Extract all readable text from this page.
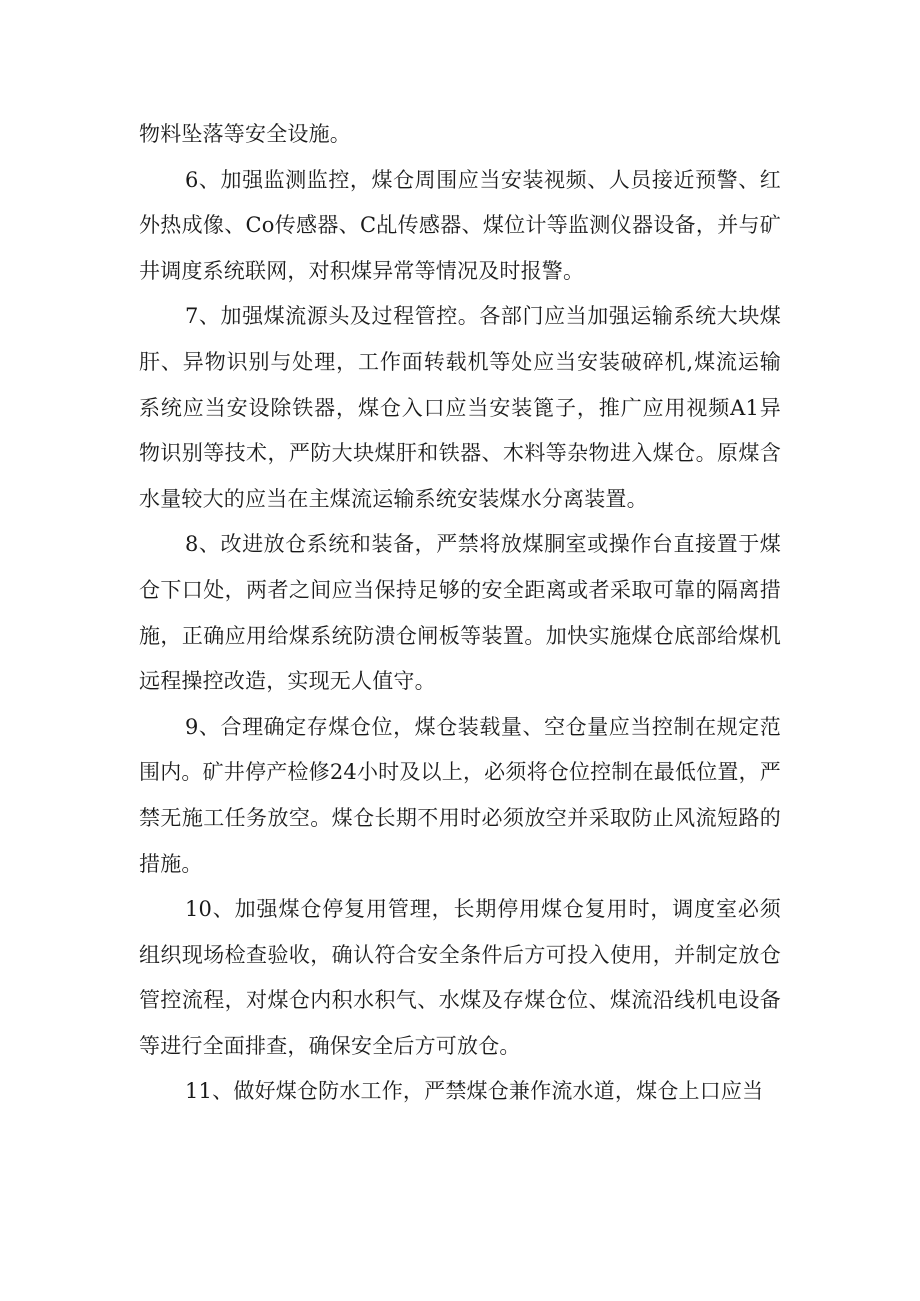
物料坠落等安全设施。

6、加强监测监控，煤仓周围应当安装视频、人员接近预警、红外热成像、Co传感器、C乩传感器、煤位计等监测仪器设备，并与矿井调度系统联网，对积煤异常等情况及时报警。

7、加强煤流源头及过程管控。各部门应当加强运输系统大块煤肝、异物识别与处理，工作面转载机等处应当安装破碎机,煤流运输系统应当安设除铁器，煤仓入口应当安装篦子，推广应用视频A1异物识别等技术，严防大块煤肝和铁器、木料等杂物进入煤仓。原煤含水量较大的应当在主煤流运输系统安装煤水分离装置。

8、改进放仓系统和装备，严禁将放煤胴室或操作台直接置于煤仓下口处，两者之间应当保持足够的安全距离或者采取可靠的隔离措施，正确应用给煤系统防溃仓闸板等装置。加快实施煤仓底部给煤机远程操控改造，实现无人值守。

9、合理确定存煤仓位，煤仓装载量、空仓量应当控制在规定范围内。矿井停产检修24小时及以上，必须将仓位控制在最低位置，严禁无施工任务放空。煤仓长期不用时必须放空并采取防止风流短路的措施。

10、加强煤仓停复用管理，长期停用煤仓复用时，调度室必须组织现场检查验收，确认符合安全条件后方可投入使用，并制定放仓管控流程，对煤仓内积水积气、水煤及存煤仓位、煤流沿线机电设备等进行全面排查，确保安全后方可放仓。

11、做好煤仓防水工作，严禁煤仓兼作流水道，煤仓上口应当
